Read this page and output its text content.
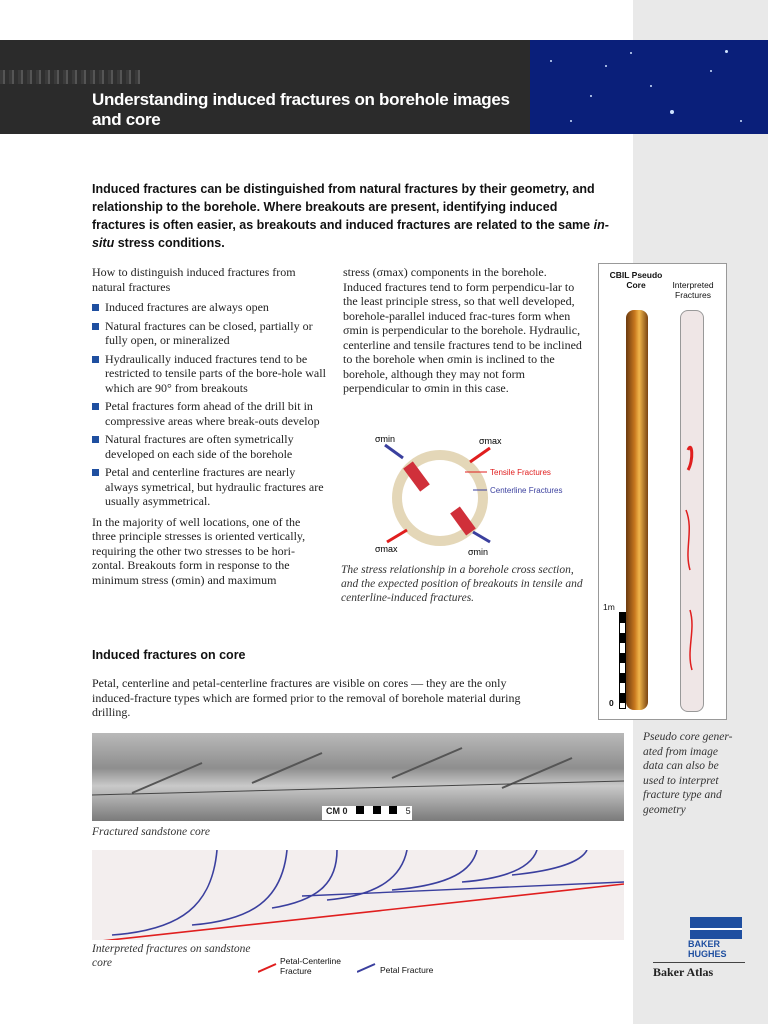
Understanding induced fractures on borehole images and core
Induced fractures can be distinguished from natural fractures by their geometry, and relationship to the borehole. Where breakouts are present, identifying induced fractures is often easier, as breakouts and induced fractures are related to the same in-situ stress conditions.
How to distinguish induced fractures from natural fractures
Induced fractures are always open
Natural fractures can be closed, partially or fully open, or mineralized
Hydraulically induced fractures tend to be restricted to tensile parts of the bore-hole wall which are 90° from breakouts
Petal fractures form ahead of the drill bit in compressive areas where break-outs develop
Natural fractures are often symetrically developed on each side of the borehole
Petal and centerline fractures are nearly always symetrical, but hydraulic fractures are usually asymmetrical.
In the majority of well locations, one of the three principle stresses is oriented vertically, requiring the other two stresses to be hori-zontal. Breakouts form in response to the minimum stress (σmin) and maximum
stress (σmax) components in the borehole. Induced fractures tend to form perpendicu-lar to the least principle stress, so that well developed, borehole-parallel induced frac-tures form when σmin is perpendicular to the borehole. Hydraulic, centerline and tensile fractures tend to be inclined to the borehole when σmin is inclined to the borehole, although they may not form perpendicular to σmin in this case.
σmin	σmax
σmax	σmin
Tensile Fractures
Centerline Fractures
The stress relationship in a borehole cross section, and the expected position of breakouts in tensile and centerline-induced fractures.
CBIL Pseudo Core	Interpreted Fractures
1m
0
Pseudo core gener-ated from image data can also be used to interpret fracture type and geometry
Induced fractures on core
Petal, centerline and petal-centerline fractures are visible on cores — they are the only induced-fracture types which are formed prior to the removal of borehole material during drilling.
CM 0	5
Fractured sandstone core
Interpreted fractures on sandstone core	Petal-Centerline Fracture	Petal Fracture
BAKER
HUGHES
Baker Atlas
